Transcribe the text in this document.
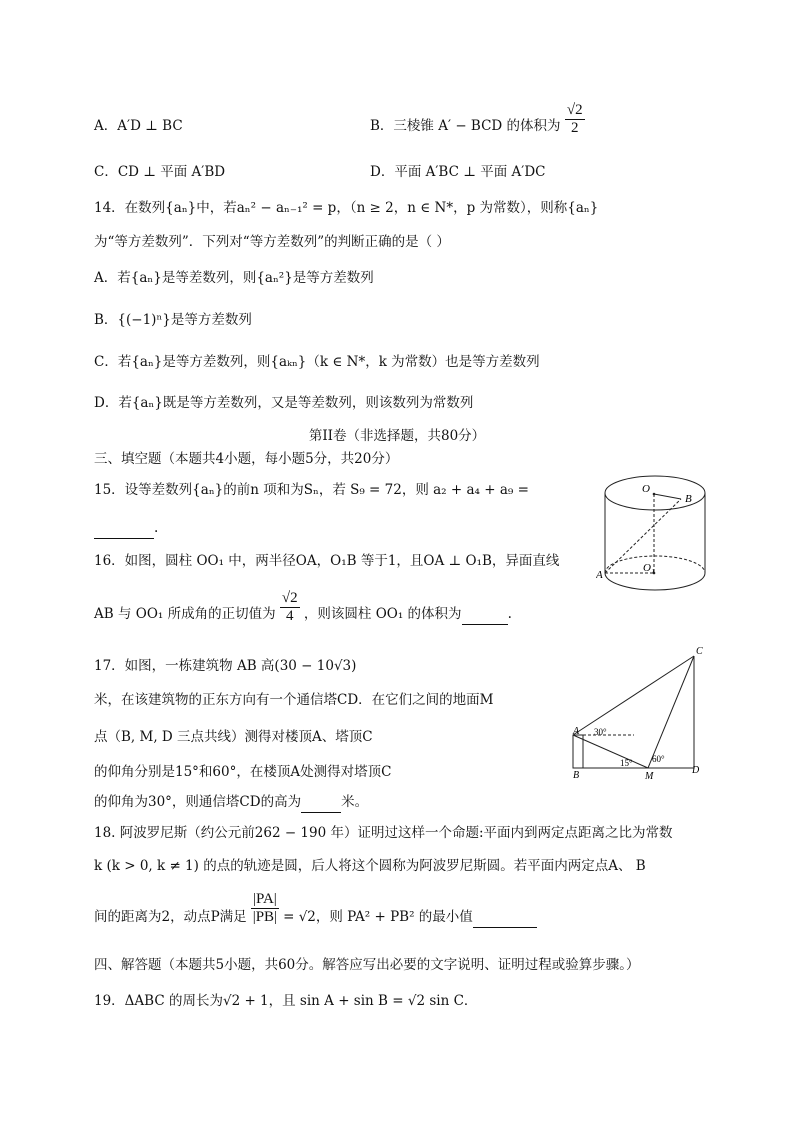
A．A′D ⊥ BC	B．三棱锥 A′ − BCD 的体积为 $\frac{√2}{2}$
C．CD ⊥ 平面 A′BD	D．平面 A′BC ⊥ 平面 A′DC
14．在数列{aₙ}中，若aₙ² − aₙ₋₁² = p，（n ≥ 2，n ∈ N*，p 为常数），则称{aₙ}
为“等方差数列”．下列对“等方差数列”的判断正确的是（ ）
A．若{aₙ}是等差数列，则{aₙ²}是等方差数列
B．{(−1)ⁿ}是等方差数列
C．若{aₙ}是等方差数列，则{aₖₙ}（k ∈ N*，k 为常数）也是等方差数列
D．若{aₙ}既是等方差数列，又是等差数列，则该数列为常数列
第II卷（非选择题，共80分）
三、填空题（本题共4小题，每小题5分，共20分）
15．设等差数列{aₙ}的前n 项和为Sₙ，若 S₉ = 72，则 a₂ + a₄ + a₉ =
.
16．如图，圆柱 OO₁ 中，两半径OA，O₁B 等于1，且OA ⊥ O₁B，异面直线
AB 与 OO₁ 所成角的正切值为 $\frac{√2}{4}$ ，则该圆柱 OO₁ 的体积为	.
O
B
A
O₁
17．如图，一栋建筑物 AB 高(30 − 10√3)
米，在该建筑物的正东方向有一个通信塔CD．在它们之间的地面M
点（B, M, D 三点共线）测得对楼顶A、塔顶C
的仰角分别是15°和60°，在楼顶A处测得对塔顶C
的仰角为30°，则通信塔CD的高为	米。
C
A
B	M
D
30°
15° 60°
18. 阿波罗尼斯（约公元前262 − 190 年）证明过这样一个命题:平面内到两定点距离之比为常数
k (k > 0, k ≠ 1) 的点的轨迹是圆，后人将这个圆称为阿波罗尼斯圆。若平面内两定点A、 B
间的距离为2，动点P满足 $\frac{|PA|}{|PB|} = √2$，则 PA² + PB² 的最小值
四、解答题（本题共5小题，共60分。解答应写出必要的文字说明、证明过程或验算步骤。）
19．ΔABC 的周长为√2 + 1，且 sin A + sin B = √2 sin C．
